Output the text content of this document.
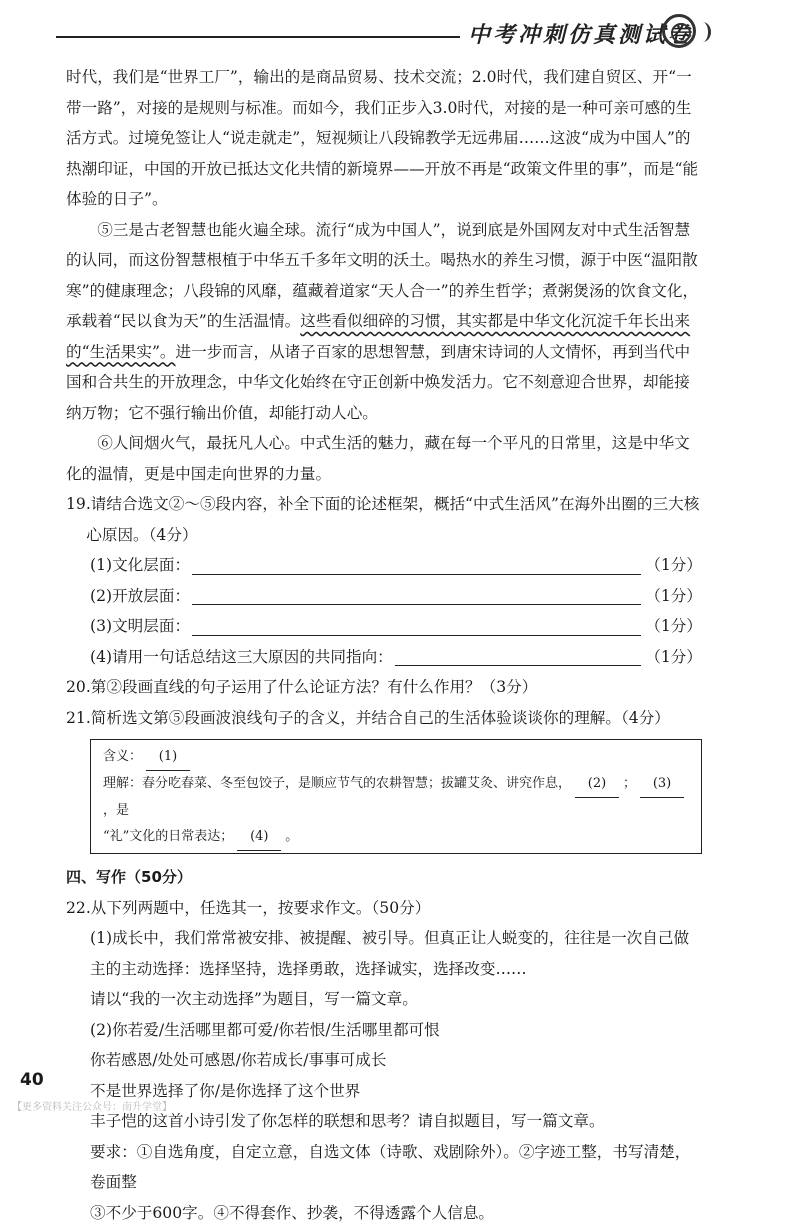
中考冲刺仿真测试卷

时代，我们是“世界工厂”，输出的是商品贸易、技术交流；2.0时代，我们建自贸区、开“一带一路”，对接的是规则与标准。而如今，我们正步入3.0时代，对接的是一种可亲可感的生活方式。过境免签让人“说走就走”，短视频让八段锦教学无远弗届……这波“成为中国人”的热潮印证，中国的开放已抵达文化共情的新境界——开放不再是“政策文件里的事”，而是“能体验的日子”。

⑤三是古老智慧也能火遍全球。流行“成为中国人”，说到底是外国网友对中式生活智慧的认同，而这份智慧根植于中华五千多年文明的沃土。喝热水的养生习惯，源于中医“温阳散寒”的健康理念；八段锦的风靡，蕴藏着道家“天人合一”的养生哲学；煮粥煲汤的饮食文化，承载着“民以食为天”的生活温情。这些看似细碎的习惯，其实都是中华文化沉淀千年长出来的“生活果实”。进一步而言，从诸子百家的思想智慧，到唐宋诗词的人文情怀，再到当代中国和合共生的开放理念，中华文化始终在守正创新中焕发活力。它不刻意迎合世界，却能接纳万物；它不强行输出价值，却能打动人心。

⑥人间烟火气，最抚凡人心。中式生活的魅力，藏在每一个平凡的日常里，这是中华文化的温情，更是中国走向世界的力量。

19.请结合选文②～⑤段内容，补全下面的论述框架，概括“中式生活风”在海外出圈的三大核心原因。（4分）

(1)文化层面：	（1分）
(2)开放层面：	（1分）
(3)文明层面：	（1分）
(4)请用一句话总结这三大原因的共同指向：	（1分）

20.第②段画直线的句子运用了什么论证方法？有什么作用？（3分）

21.简析选文第⑤段画波浪线句子的含义，并结合自己的生活体验谈谈你的理解。（4分）

含义： (1)
理解：春分吃春菜、冬至包饺子，是顺应节气的农耕智慧；拔罐艾灸、讲究作息， (2) ； (3)，是
“礼”文化的日常表达； (4) 。

四、写作（50分）

22.从下列两题中，任选其一，按要求作文。（50分）

(1)成长中，我们常常被安排、被提醒、被引导。但真正让人蜕变的，往往是一次自己做主的主动选择：选择坚持，选择勇敢，选择诚实，选择改变……

请以“我的一次主动选择”为题目，写一篇文章。

(2)你若爱/生活哪里都可爱/你若恨/生活哪里都可恨

你若感恩/处处可感恩/你若成长/事事可成长

不是世界选择了你/是你选择了这个世界

丰子恺的这首小诗引发了你怎样的联想和思考？请自拟题目，写一篇文章。

要求：①自选角度，自定立意，自选文体（诗歌、戏剧除外）。②字迹工整，书写清楚，卷面整

③不少于600字。④不得套作、抄袭，不得透露个人信息。

40
【更多资料关注公众号：南升学堂】
